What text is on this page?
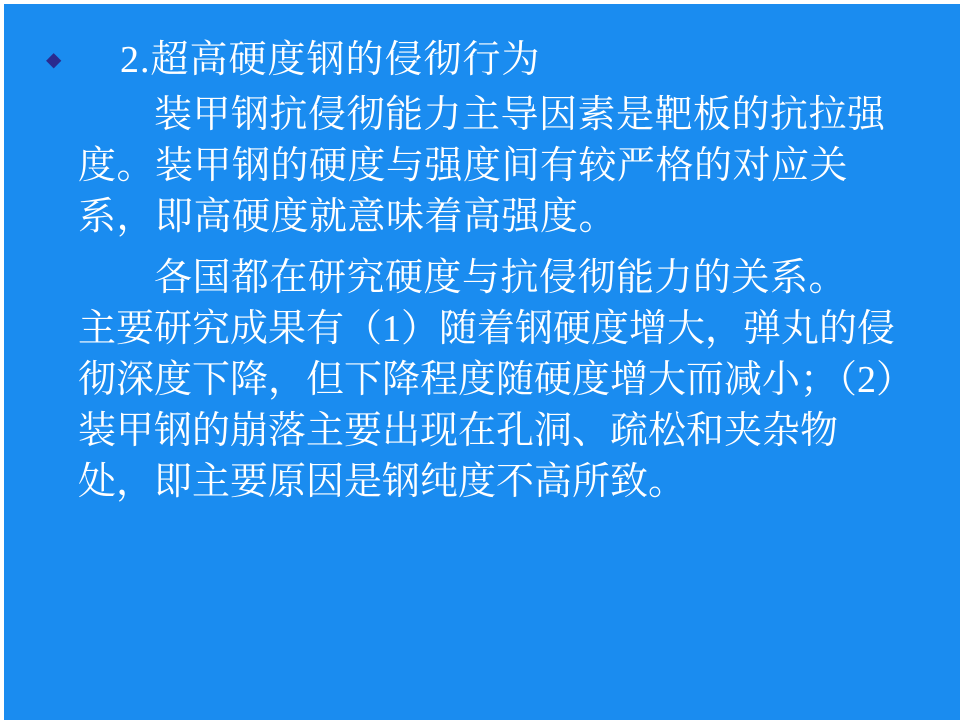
◆	2.超高硬度钢的侵彻行为

装甲钢抗侵彻能力主导因素是靶板的抗拉强度。装甲钢的硬度与强度间有较严格的对应关系，即高硬度就意味着高强度。

各国都在研究硬度与抗侵彻能力的关系。

主要研究成果有（1）随着钢硬度增大，弹丸的侵彻深度下降，但下降程度随硬度增大而减小；（2）装甲钢的崩落主要出现在孔洞、疏松和夹杂物处，即主要原因是钢纯度不高所致。
